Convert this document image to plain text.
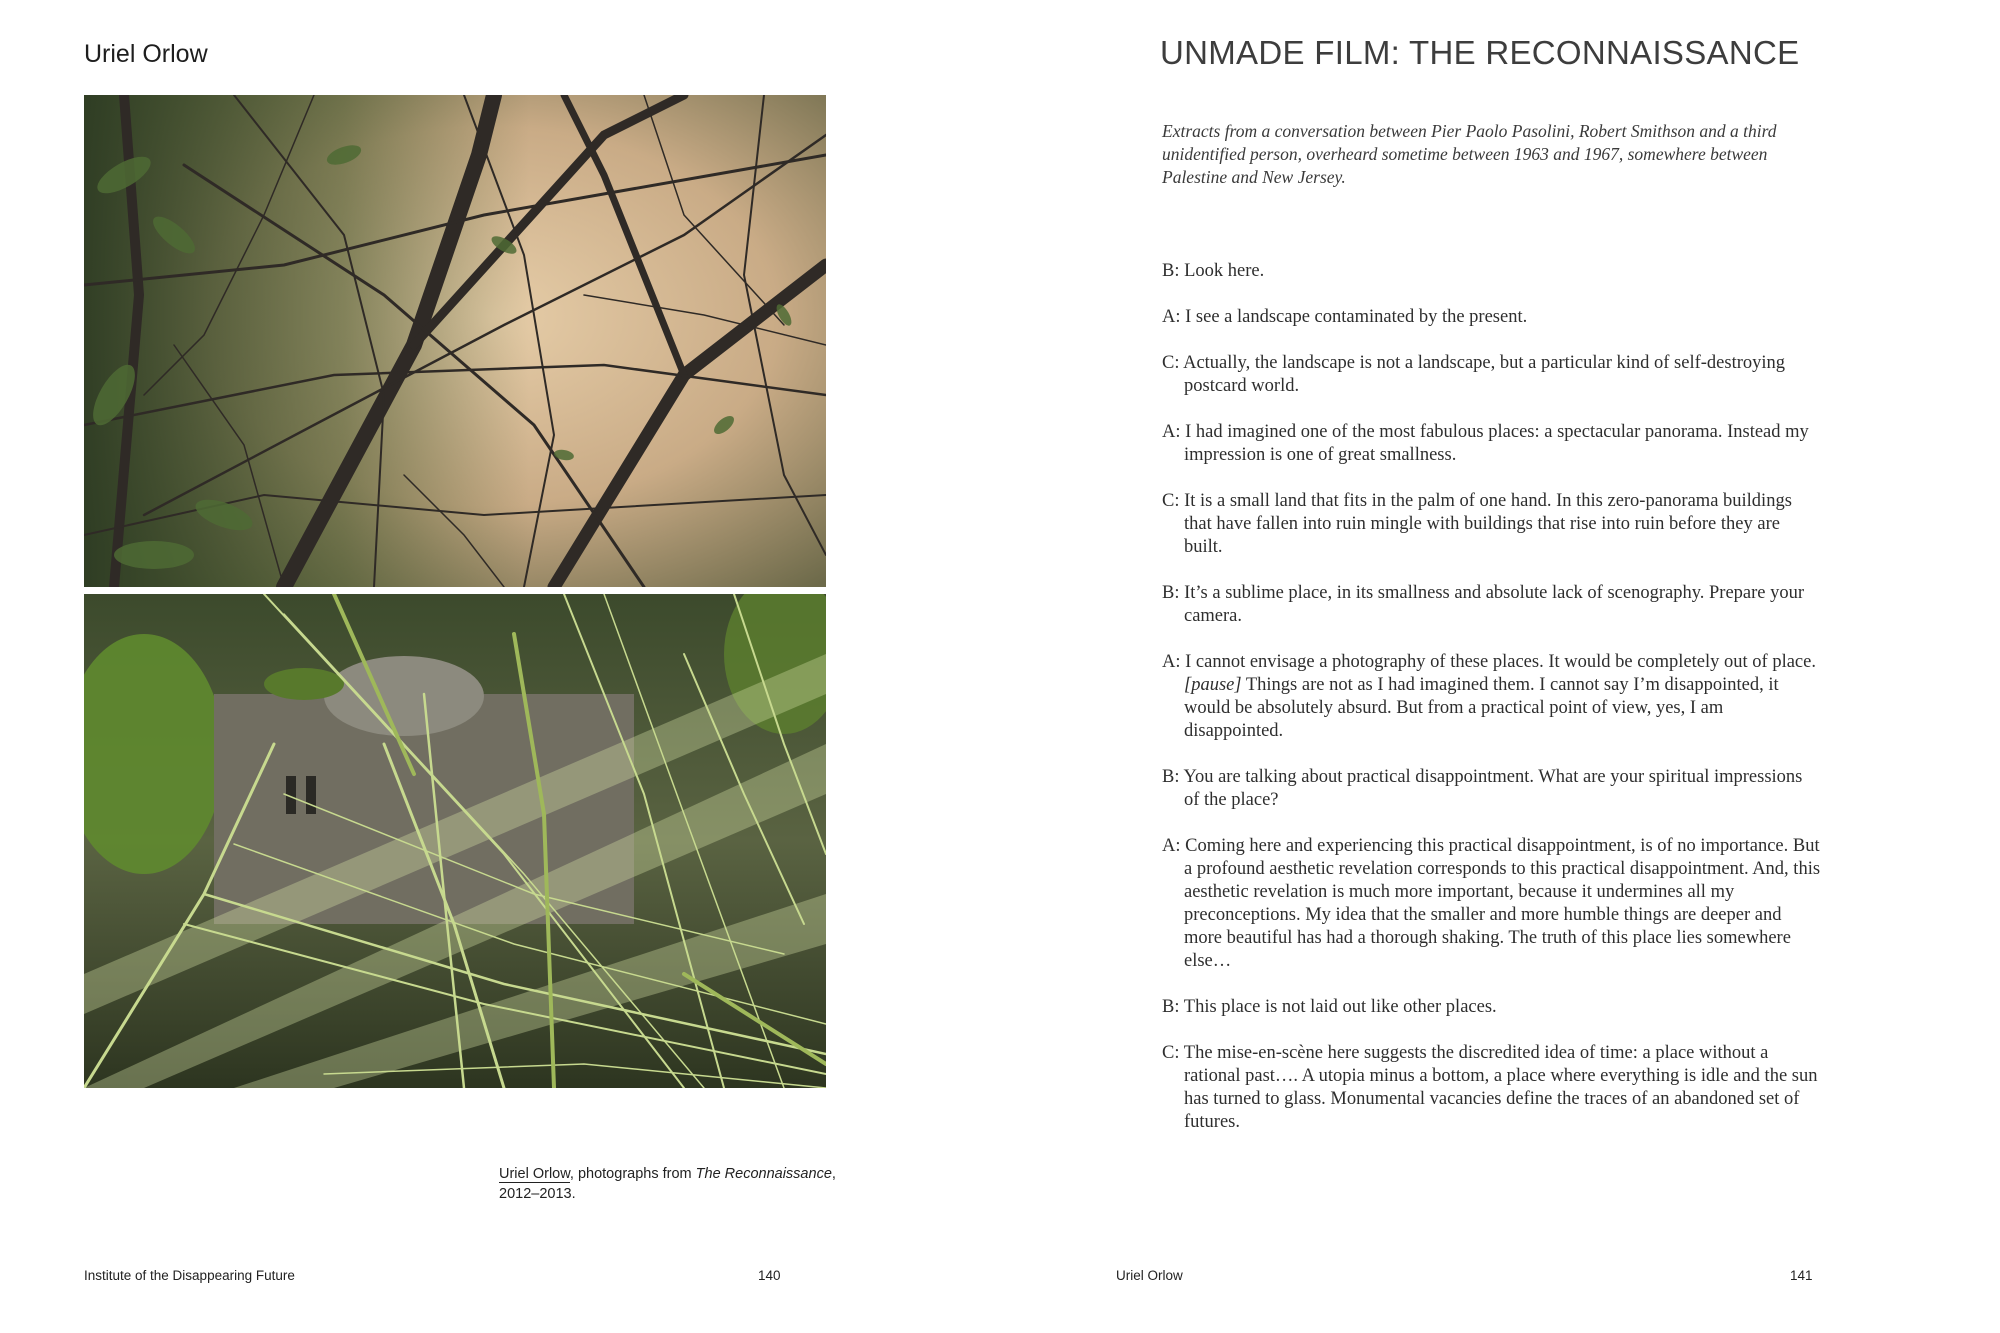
Uriel Orlow
Uriel Orlow, photographs from The Reconnaissance,
2012–2013.
Institute of the Disappearing Future	140
UNMADE FILM: THE RECONNAISSANCE
Extracts from a conversation between Pier Paolo Pasolini, Robert Smithson and a third unidentified person, overheard sometime between 1963 and 1967, somewhere between Palestine and New Jersey.

B: Look here.

A: I see a landscape contaminated by the present.

C: Actually, the landscape is not a landscape, but a particular kind of self-destroying postcard world.

A: I had imagined one of the most fabulous places: a spectacular panorama. Instead my impression is one of great smallness.

C: It is a small land that fits in the palm of one hand. In this zero-panorama buildings that have fallen into ruin mingle with buildings that rise into ruin before they are built.

B: It’s a sublime place, in its smallness and absolute lack of scenography. Prepare your camera.

A: I cannot envisage a photography of these places. It would be completely out of place. [pause] Things are not as I had imagined them. I cannot say I’m disappointed, it would be absolutely absurd. But from a practical point of view, yes, I am disappointed.

B: You are talking about practical disappointment. What are your spiritual impressions of the place?

A: Coming here and experiencing this practical disappointment, is of no importance. But a profound aesthetic revelation corresponds to this practical disappointment. And, this aesthetic revelation is much more important, because it undermines all my preconceptions. My idea that the smaller and more humble things are deeper and more beautiful has had a thorough shaking. The truth of this place lies somewhere else…

B: This place is not laid out like other places.

C: The mise-en-scène here suggests the discredited idea of time: a place without a rational past…. A utopia minus a bottom, a place where everything is idle and the sun has turned to glass. Monumental vacancies define the traces of an abandoned set of futures.

Uriel Orlow	141
